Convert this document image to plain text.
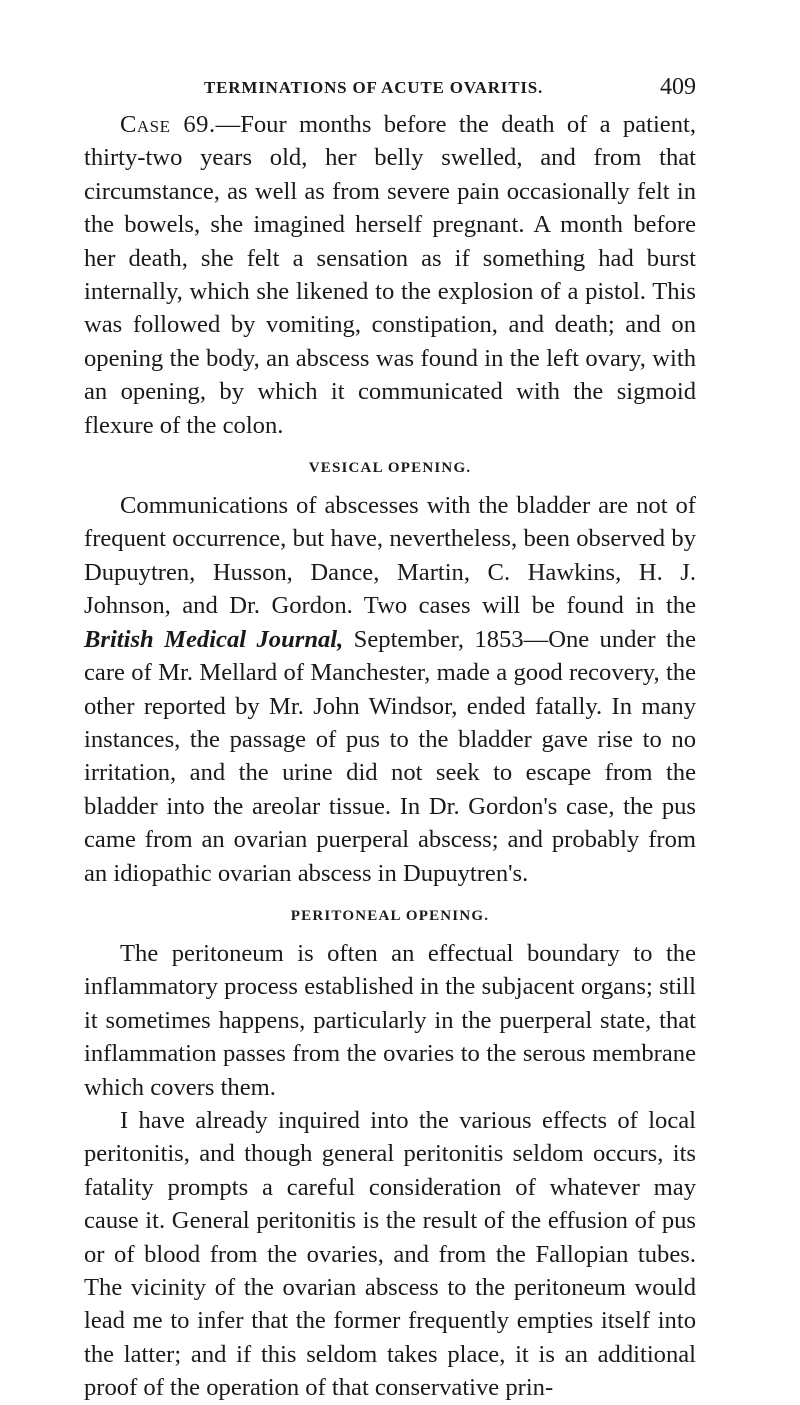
TERMINATIONS OF ACUTE OVARITIS.	409

Case 69.—Four months before the death of a patient, thirty-two years old, her belly swelled, and from that circumstance, as well as from severe pain occasionally felt in the bowels, she imagined herself pregnant. A month before her death, she felt a sensation as if something had burst internally, which she likened to the explosion of a pistol. This was followed by vomiting, constipation, and death; and on opening the body, an abscess was found in the left ovary, with an opening, by which it communicated with the sigmoid flexure of the colon.

VESICAL OPENING.

Communications of abscesses with the bladder are not of frequent occurrence, but have, nevertheless, been observed by Dupuytren, Husson, Dance, Martin, C. Hawkins, H. J. Johnson, and Dr. Gordon. Two cases will be found in the British Medical Journal, September, 1853—One under the care of Mr. Mellard of Manchester, made a good recovery, the other reported by Mr. John Windsor, ended fatally. In many instances, the passage of pus to the bladder gave rise to no irritation, and the urine did not seek to escape from the bladder into the areolar tissue. In Dr. Gordon's case, the pus came from an ovarian puerperal abscess; and probably from an idiopathic ovarian abscess in Dupuytren's.

PERITONEAL OPENING.

The peritoneum is often an effectual boundary to the inflammatory process established in the subjacent organs; still it sometimes happens, particularly in the puerperal state, that inflammation passes from the ovaries to the serous membrane which covers them.

I have already inquired into the various effects of local peritonitis, and though general peritonitis seldom occurs, its fatality prompts a careful consideration of whatever may cause it. General peritonitis is the result of the effusion of pus or of blood from the ovaries, and from the Fallopian tubes. The vicinity of the ovarian abscess to the peritoneum would lead me to infer that the former frequently empties itself into the latter; and if this seldom takes place, it is an additional proof of the operation of that conservative prin-
